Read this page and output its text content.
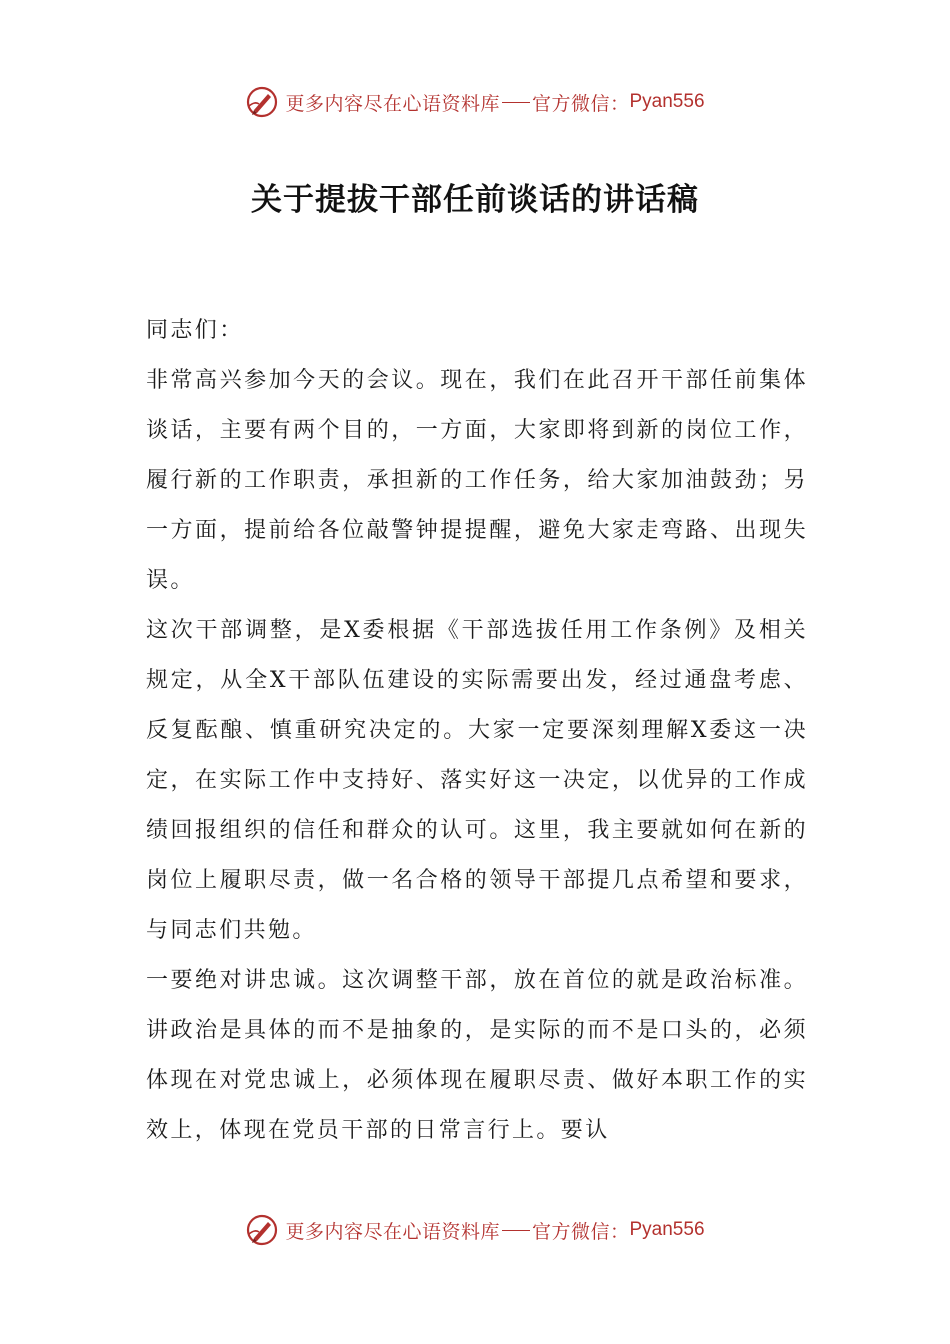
更多内容尽在心语资料库 官方微信： Pyan556
关于提拔干部任前谈话的讲话稿

同志们：

非常高兴参加今天的会议。现在，我们在此召开干部任前集体谈话，主要有两个目的，一方面，大家即将到新的岗位工作，履行新的工作职责，承担新的工作任务，给大家加油鼓劲；另一方面，提前给各位敲警钟提提醒，避免大家走弯路、出现失误。

这次干部调整，是X委根据《干部选拔任用工作条例》及相关规定，从全X干部队伍建设的实际需要出发，经过通盘考虑、反复酝酿、慎重研究决定的。大家一定要深刻理解X委这一决定，在实际工作中支持好、落实好这一决定，以优异的工作成绩回报组织的信任和群众的认可。这里，我主要就如何在新的岗位上履职尽责，做一名合格的领导干部提几点希望和要求，与同志们共勉。

一要绝对讲忠诚。这次调整干部，放在首位的就是政治标准。讲政治是具体的而不是抽象的，是实际的而不是口头的，必须体现在对党忠诚上，必须体现在履职尽责、做好本职工作的实效上，体现在党员干部的日常言行上。要认

更多内容尽在心语资料库 官方微信： Pyan556
